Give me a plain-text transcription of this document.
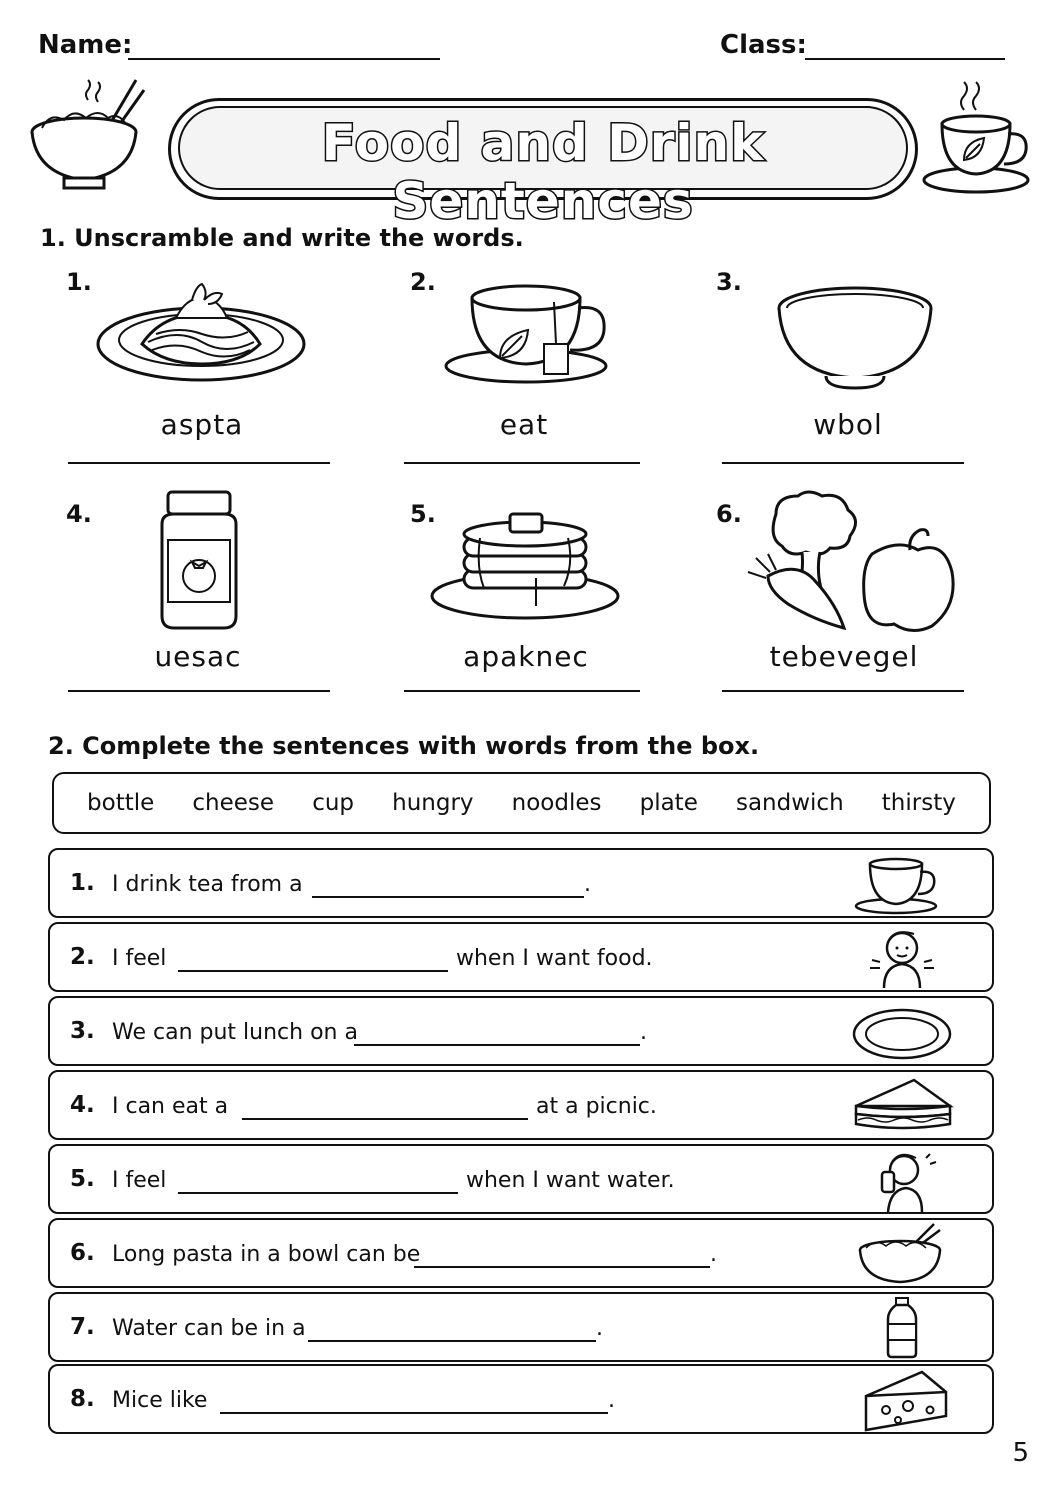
Name:	Class:
Food and Drink Sentences
1. Unscramble and write the words.
1.
aspta
2.
eat
3.
wbol
4.
uesac
5.
apaknec
6.
tebevegel
2. Complete the sentences with words from the box.
bottle cheese cup hungry noodles plate sandwich thirsty
1. I drink tea from a	.
2. I feel	when I want food.
3. We can put lunch on a	.
4. I can eat a	at a picnic.
5. I feel	when I want water.
6. Long pasta in a bowl can be	.
7. Water can be in a	.
8. Mice like	.
5
